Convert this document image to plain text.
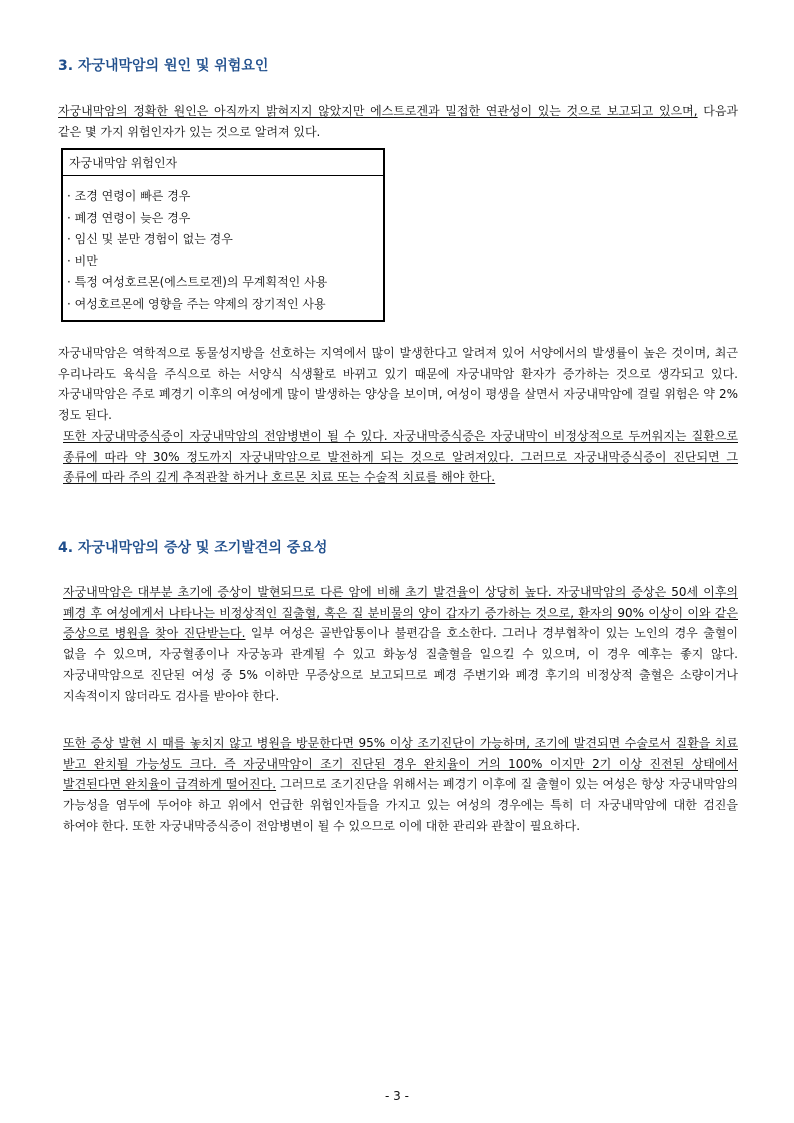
3. 자궁내막암의 원인 및 위험요인

자궁내막암의 정확한 원인은 아직까지 밝혀지지 않았지만 에스트로겐과 밀접한 연관성이 있는 것으로 보고되고 있으며, 다음과 같은 몇 가지 위험인자가 있는 것으로 알려져 있다.

자궁내막암 위험인자
· 조경 연령이 빠른 경우
· 폐경 연령이 늦은 경우
· 임신 및 분만 경험이 없는 경우
· 비만
· 특정 여성호르몬(에스트로겐)의 무계획적인 사용
· 여성호르몬에 영향을 주는 약제의 장기적인 사용

자궁내막암은 역학적으로 동물성지방을 선호하는 지역에서 많이 발생한다고 알려져 있어 서양에서의 발생률이 높은 것이며, 최근 우리나라도 육식을 주식으로 하는 서양식 식생활로 바뀌고 있기 때문에 자궁내막암 환자가 증가하는 것으로 생각되고 있다. 자궁내막암은 주로 폐경기 이후의 여성에게 많이 발생하는 양상을 보이며, 여성이 평생을 살면서 자궁내막암에 걸릴 위험은 약 2% 정도 된다.

또한 자궁내막증식증이 자궁내막암의 전암병변이 될 수 있다. 자궁내막증식증은 자궁내막이 비정상적으로 두꺼워지는 질환으로 종류에 따라 약 30% 정도까지 자궁내막암으로 발전하게 되는 것으로 알려져있다. 그러므로 자궁내막증식증이 진단되면 그 종류에 따라 주의 깊게 추적관찰 하거나 호르몬 치료 또는 수술적 치료를 해야 한다.

4. 자궁내막암의 증상 및 조기발견의 중요성

자궁내막암은 대부분 초기에 증상이 발현되므로 다른 암에 비해 초기 발견율이 상당히 높다. 자궁내막암의 증상은 50세 이후의 폐경 후 여성에게서 나타나는 비정상적인 질출혈, 혹은 질 분비물의 양이 갑자기 증가하는 것으로, 환자의 90% 이상이 이와 같은 증상으로 병원을 찾아 진단받는다. 일부 여성은 골반압통이나 불편감을 호소한다. 그러나 경부협착이 있는 노인의 경우 출혈이 없을 수 있으며, 자궁혈종이나 자궁농과 관계될 수 있고 화농성 질출혈을 일으킬 수 있으며, 이 경우 예후는 좋지 않다. 자궁내막암으로 진단된 여성 중 5% 이하만 무증상으로 보고되므로 폐경 주변기와 폐경 후기의 비정상적 출혈은 소량이거나 지속적이지 않더라도 검사를 받아야 한다.

또한 증상 발현 시 때를 놓치지 않고 병원을 방문한다면 95% 이상 조기진단이 가능하며, 조기에 발견되면 수술로서 질환을 치료 받고 완치될 가능성도 크다. 즉 자궁내막암이 조기 진단된 경우 완치율이 거의 100% 이지만 2기 이상 진전된 상태에서 발견된다면 완치율이 급격하게 떨어진다. 그러므로 조기진단을 위해서는 폐경기 이후에 질 출혈이 있는 여성은 항상 자궁내막암의 가능성을 염두에 두어야 하고 위에서 언급한 위험인자들을 가지고 있는 여성의 경우에는 특히 더 자궁내막암에 대한 검진을 하여야 한다. 또한 자궁내막증식증이 전암병변이 될 수 있으므로 이에 대한 관리와 관찰이 필요하다.

- 3 -
